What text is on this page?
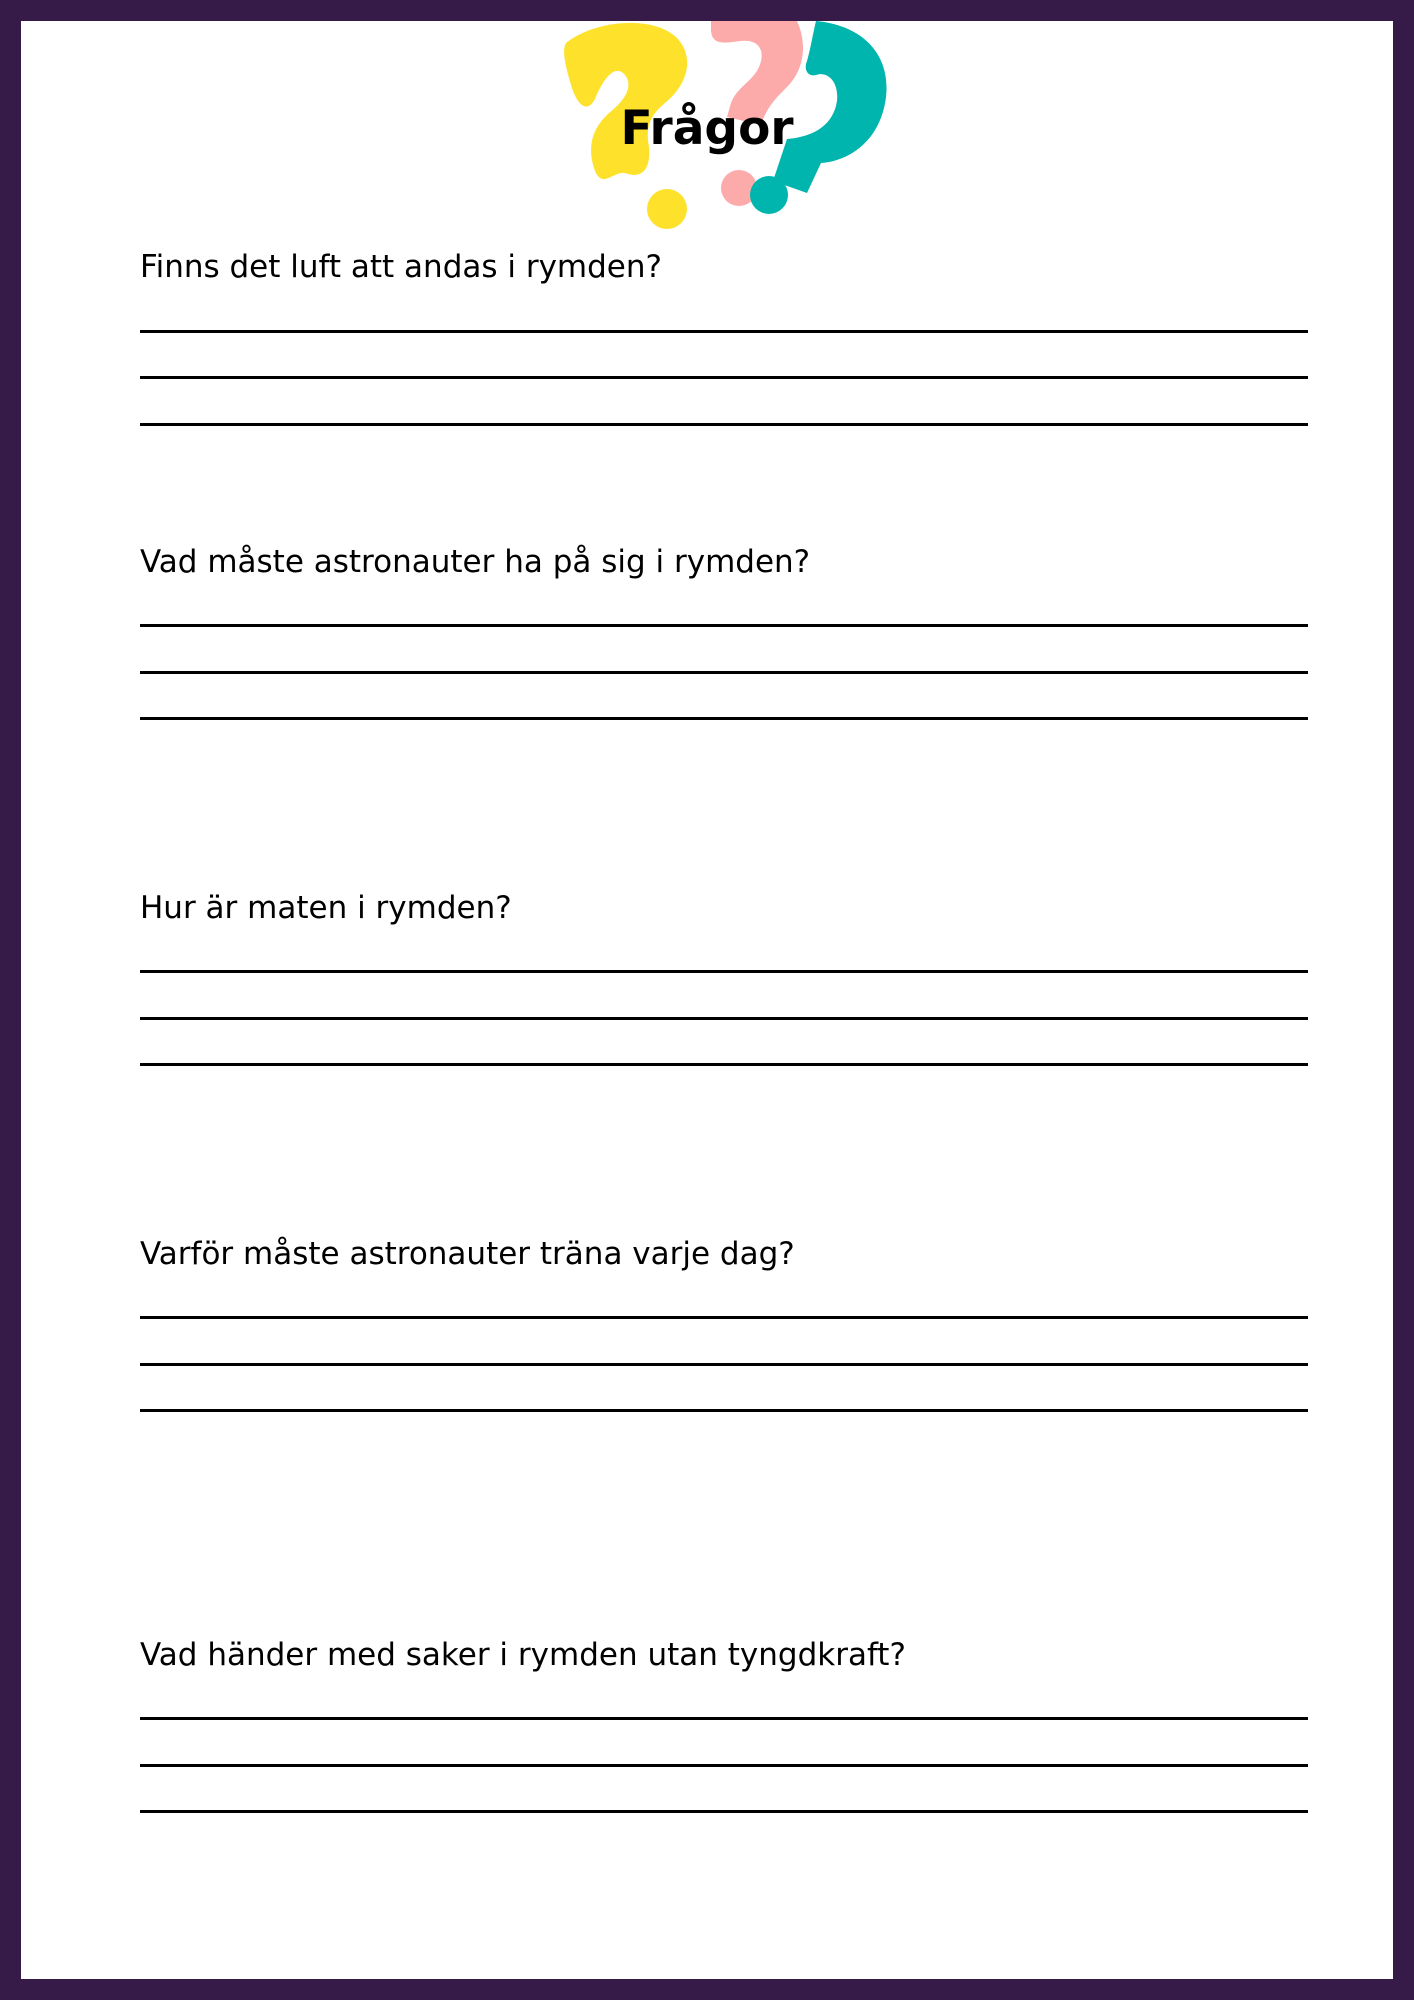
Frågor

Finns det luft att andas i rymden?

Vad måste astronauter ha på sig i rymden?

Hur är maten i rymden?

Varför måste astronauter träna varje dag?

Vad händer med saker i rymden utan tyngdkraft?
